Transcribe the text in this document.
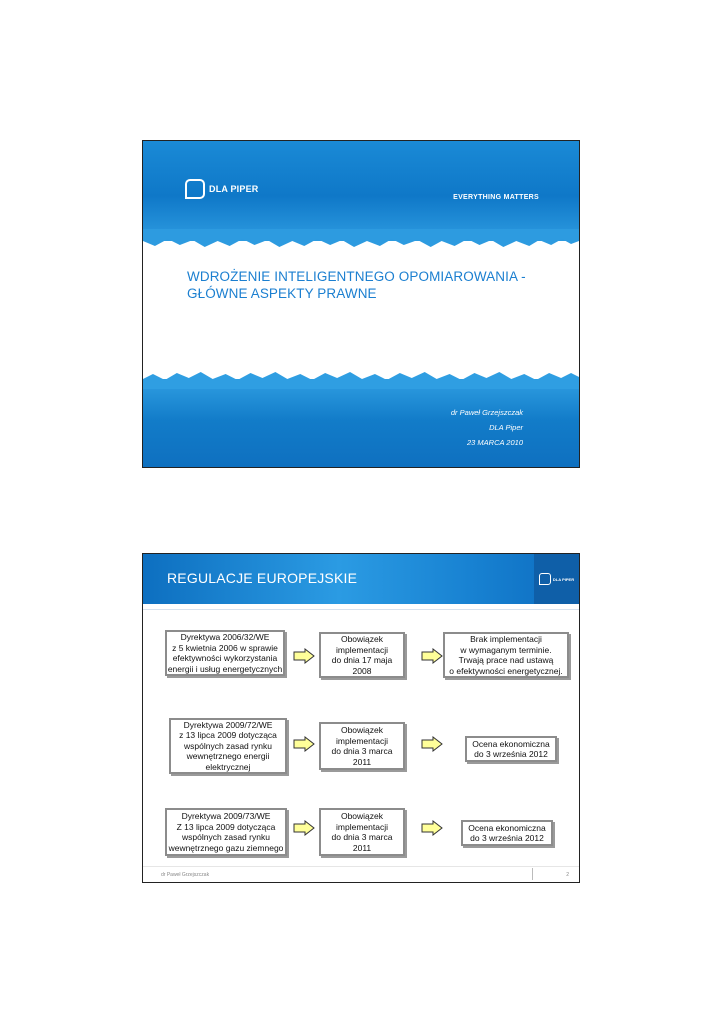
DLA PIPER
EVERYTHING MATTERS
WDROŻENIE INTELIGENTNEGO OPOMIAROWANIA -
GŁÓWNE ASPEKTY PRAWNE
dr Paweł Grzejszczak
DLA Piper
23 MARCA 2010
REGULACJE EUROPEJSKIE	DLA PIPER
Dyrektywa 2006/32/WE
z 5 kwietnia 2006 w sprawie
efektywności wykorzystania
energii i usług energetycznych
Obowiązek
implementacji
do dnia 17 maja
2008
Brak implementacji
w wymaganym terminie.
Trwają prace nad ustawą
o efektywności energetycznej.
Dyrektywa 2009/72/WE
z 13 lipca 2009 dotycząca
wspólnych zasad rynku
wewnętrznego energii
elektrycznej
Obowiązek
implementacji
do dnia 3 marca
2011
Ocena ekonomiczna
do 3 września 2012
Dyrektywa 2009/73/WE
Z 13 lipca 2009 dotycząca
wspólnych zasad rynku
wewnętrznego gazu ziemnego
Obowiązek
implementacji
do dnia 3 marca
2011
Ocena ekonomiczna
do 3 września 2012
dr Paweł Grzejszczak	2
